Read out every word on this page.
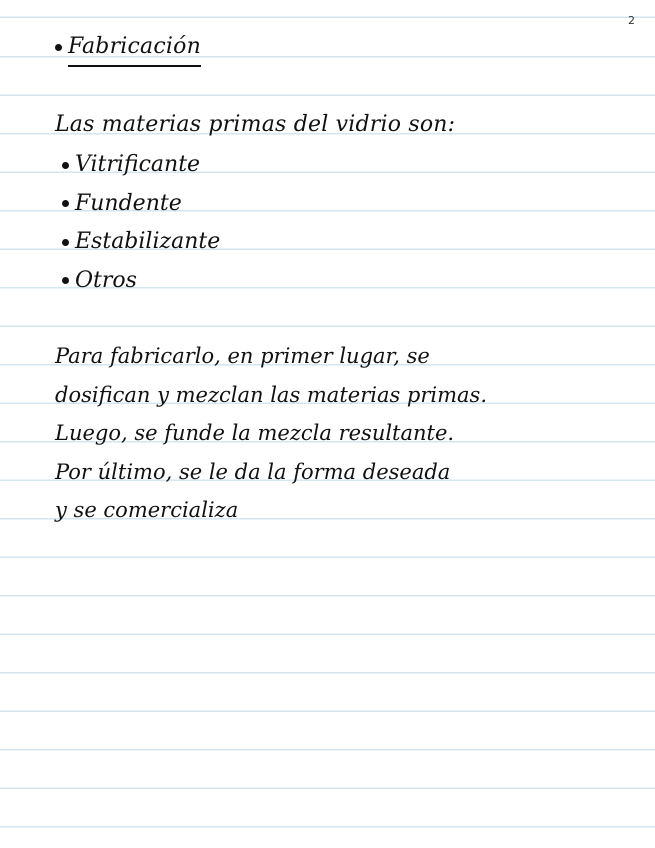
2
Fabricación
Las materias primas del vidrio son:
Vitrificante
Fundente
Estabilizante
Otros
Para fabricarlo, en primer lugar, se
dosifican y mezclan las materias primas.
Luego, se funde la mezcla resultante.
Por último, se le da la forma deseada
y se comercializa
